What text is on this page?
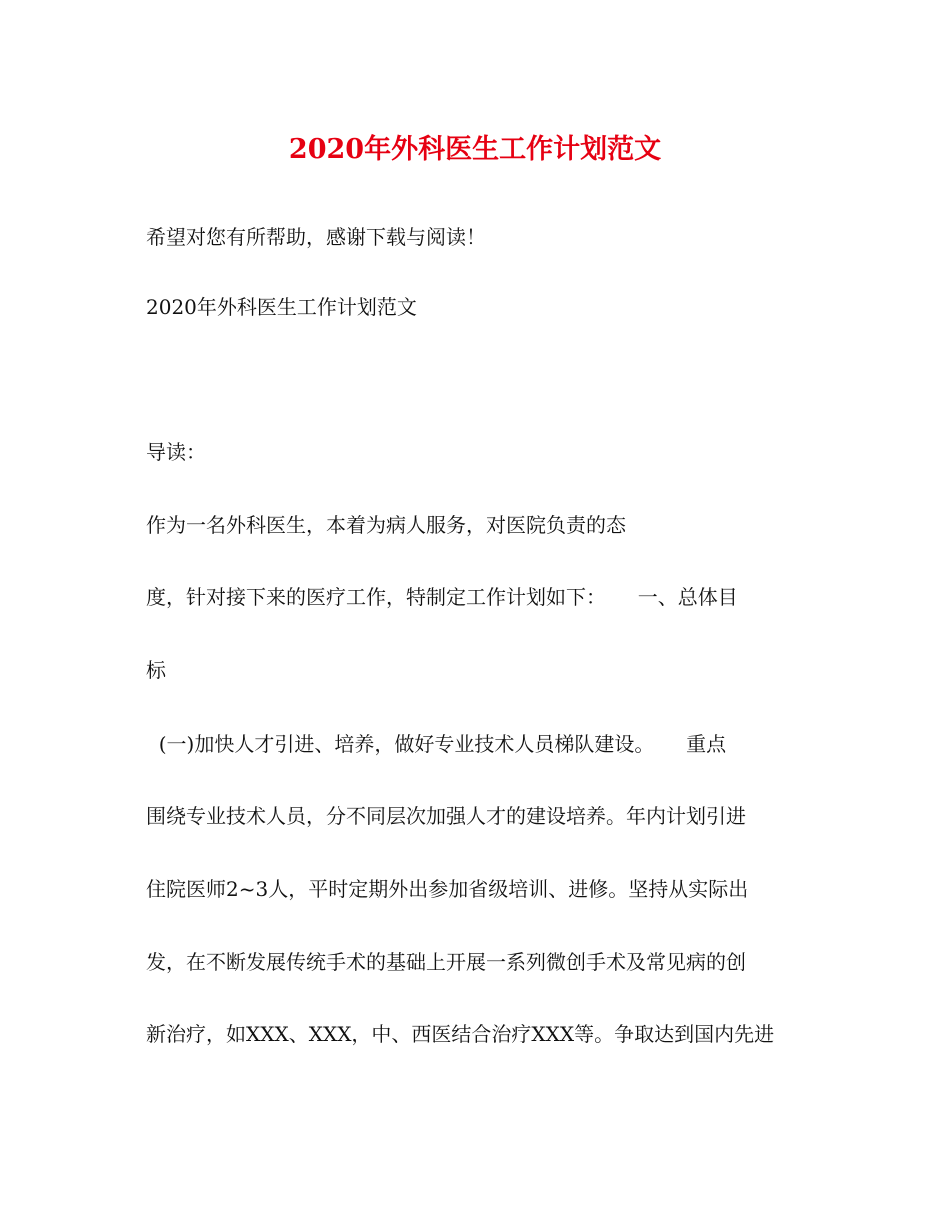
2020年外科医生工作计划范文
希望对您有所帮助，感谢下载与阅读！
2020年外科医生工作计划范文
导读：
作为一名外科医生，本着为病人服务，对医院负责的态
度，针对接下来的医疗工作，特制定工作计划如下：     一、总体目
标
(一)加快人才引进、培养，做好专业技术人员梯队建设。     重点
围绕专业技术人员，分不同层次加强人才的建设培养。年内计划引进
住院医师2~3人，平时定期外出参加省级培训、进修。坚持从实际出
发，在不断发展传统手术的基础上开展一系列微创手术及常见病的创
新治疗，如XXX、XXX，中、西医结合治疗XXX等。争取达到国内先进
